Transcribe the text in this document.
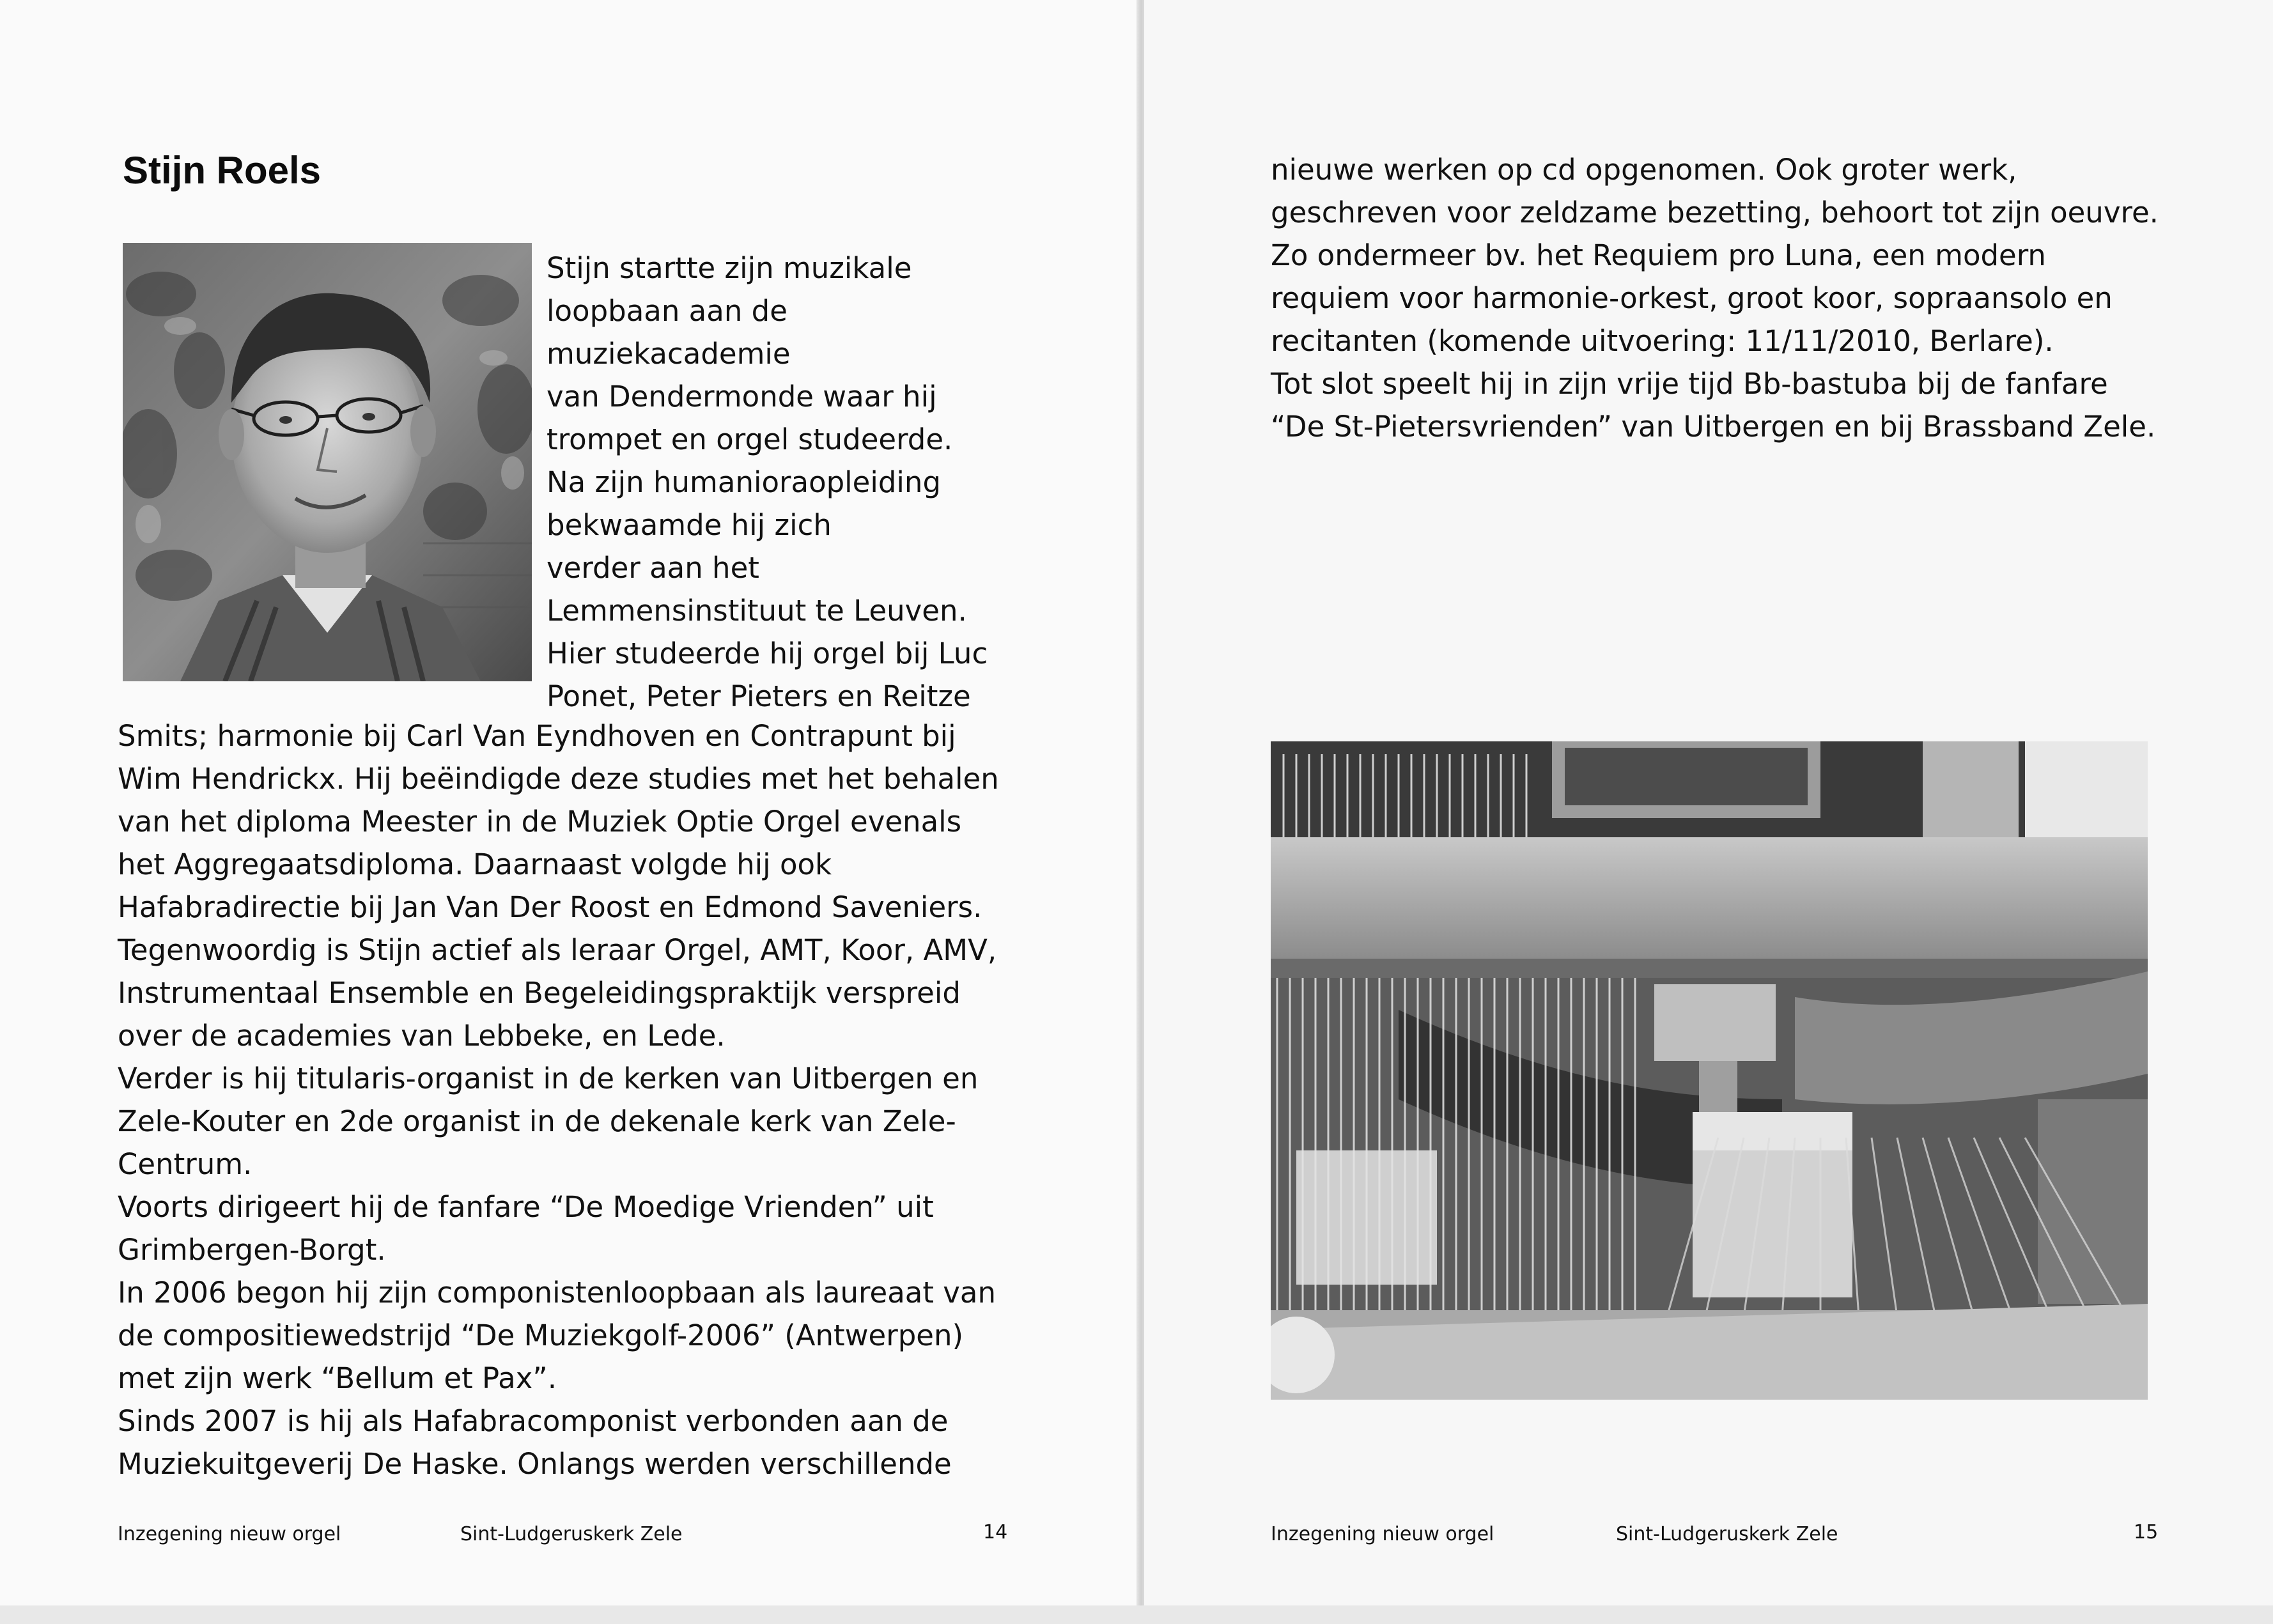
Stijn Roels
Stijn startte zijn muzikale
loopbaan aan de
muziekacademie
van Dendermonde waar hij
trompet en orgel studeerde.
Na zijn humanioraopleiding
bekwaamde hij zich
verder aan het
Lemmensinstituut te Leuven.
Hier studeerde hij orgel bij Luc
Ponet, Peter Pieters en Reitze
Smits; harmonie bij Carl Van Eyndhoven en Contrapunt bij
Wim Hendrickx. Hij beëindigde deze studies met het behalen
van het diploma Meester in de Muziek Optie Orgel evenals
het Aggregaatsdiploma. Daarnaast volgde hij ook
Hafabradirectie bij Jan Van Der Roost en Edmond Saveniers.
Tegenwoordig is Stijn actief als leraar Orgel, AMT, Koor, AMV,
Instrumentaal Ensemble en Begeleidingspraktijk verspreid
over de academies van Lebbeke, en Lede.
Verder is hij titularis-organist in de kerken van Uitbergen en
Zele-Kouter en 2de organist in de dekenale kerk van Zele-
Centrum.
Voorts dirigeert hij de fanfare “De Moedige Vrienden” uit
Grimbergen-Borgt.
In 2006 begon hij zijn componistenloopbaan als laureaat van
de compositiewedstrijd “De Muziekgolf-2006” (Antwerpen)
met zijn werk “Bellum et Pax”.
Sinds 2007 is hij als Hafabracomponist verbonden aan de
Muziekuitgeverij De Haske. Onlangs werden verschillende
Inzegening nieuw orgel	Sint-Ludgeruskerk Zele	14
nieuwe werken op cd opgenomen. Ook groter werk,
geschreven voor zeldzame bezetting, behoort tot zijn oeuvre.
Zo ondermeer bv. het Requiem pro Luna, een modern
requiem voor harmonie-orkest, groot koor, sopraansolo en
recitanten (komende uitvoering: 11/11/2010, Berlare).
Tot slot speelt hij in zijn vrije tijd Bb-bastuba bij de fanfare
“De St-Pietersvrienden” van Uitbergen en bij Brassband Zele.
Inzegening nieuw orgel	Sint-Ludgeruskerk Zele	15
